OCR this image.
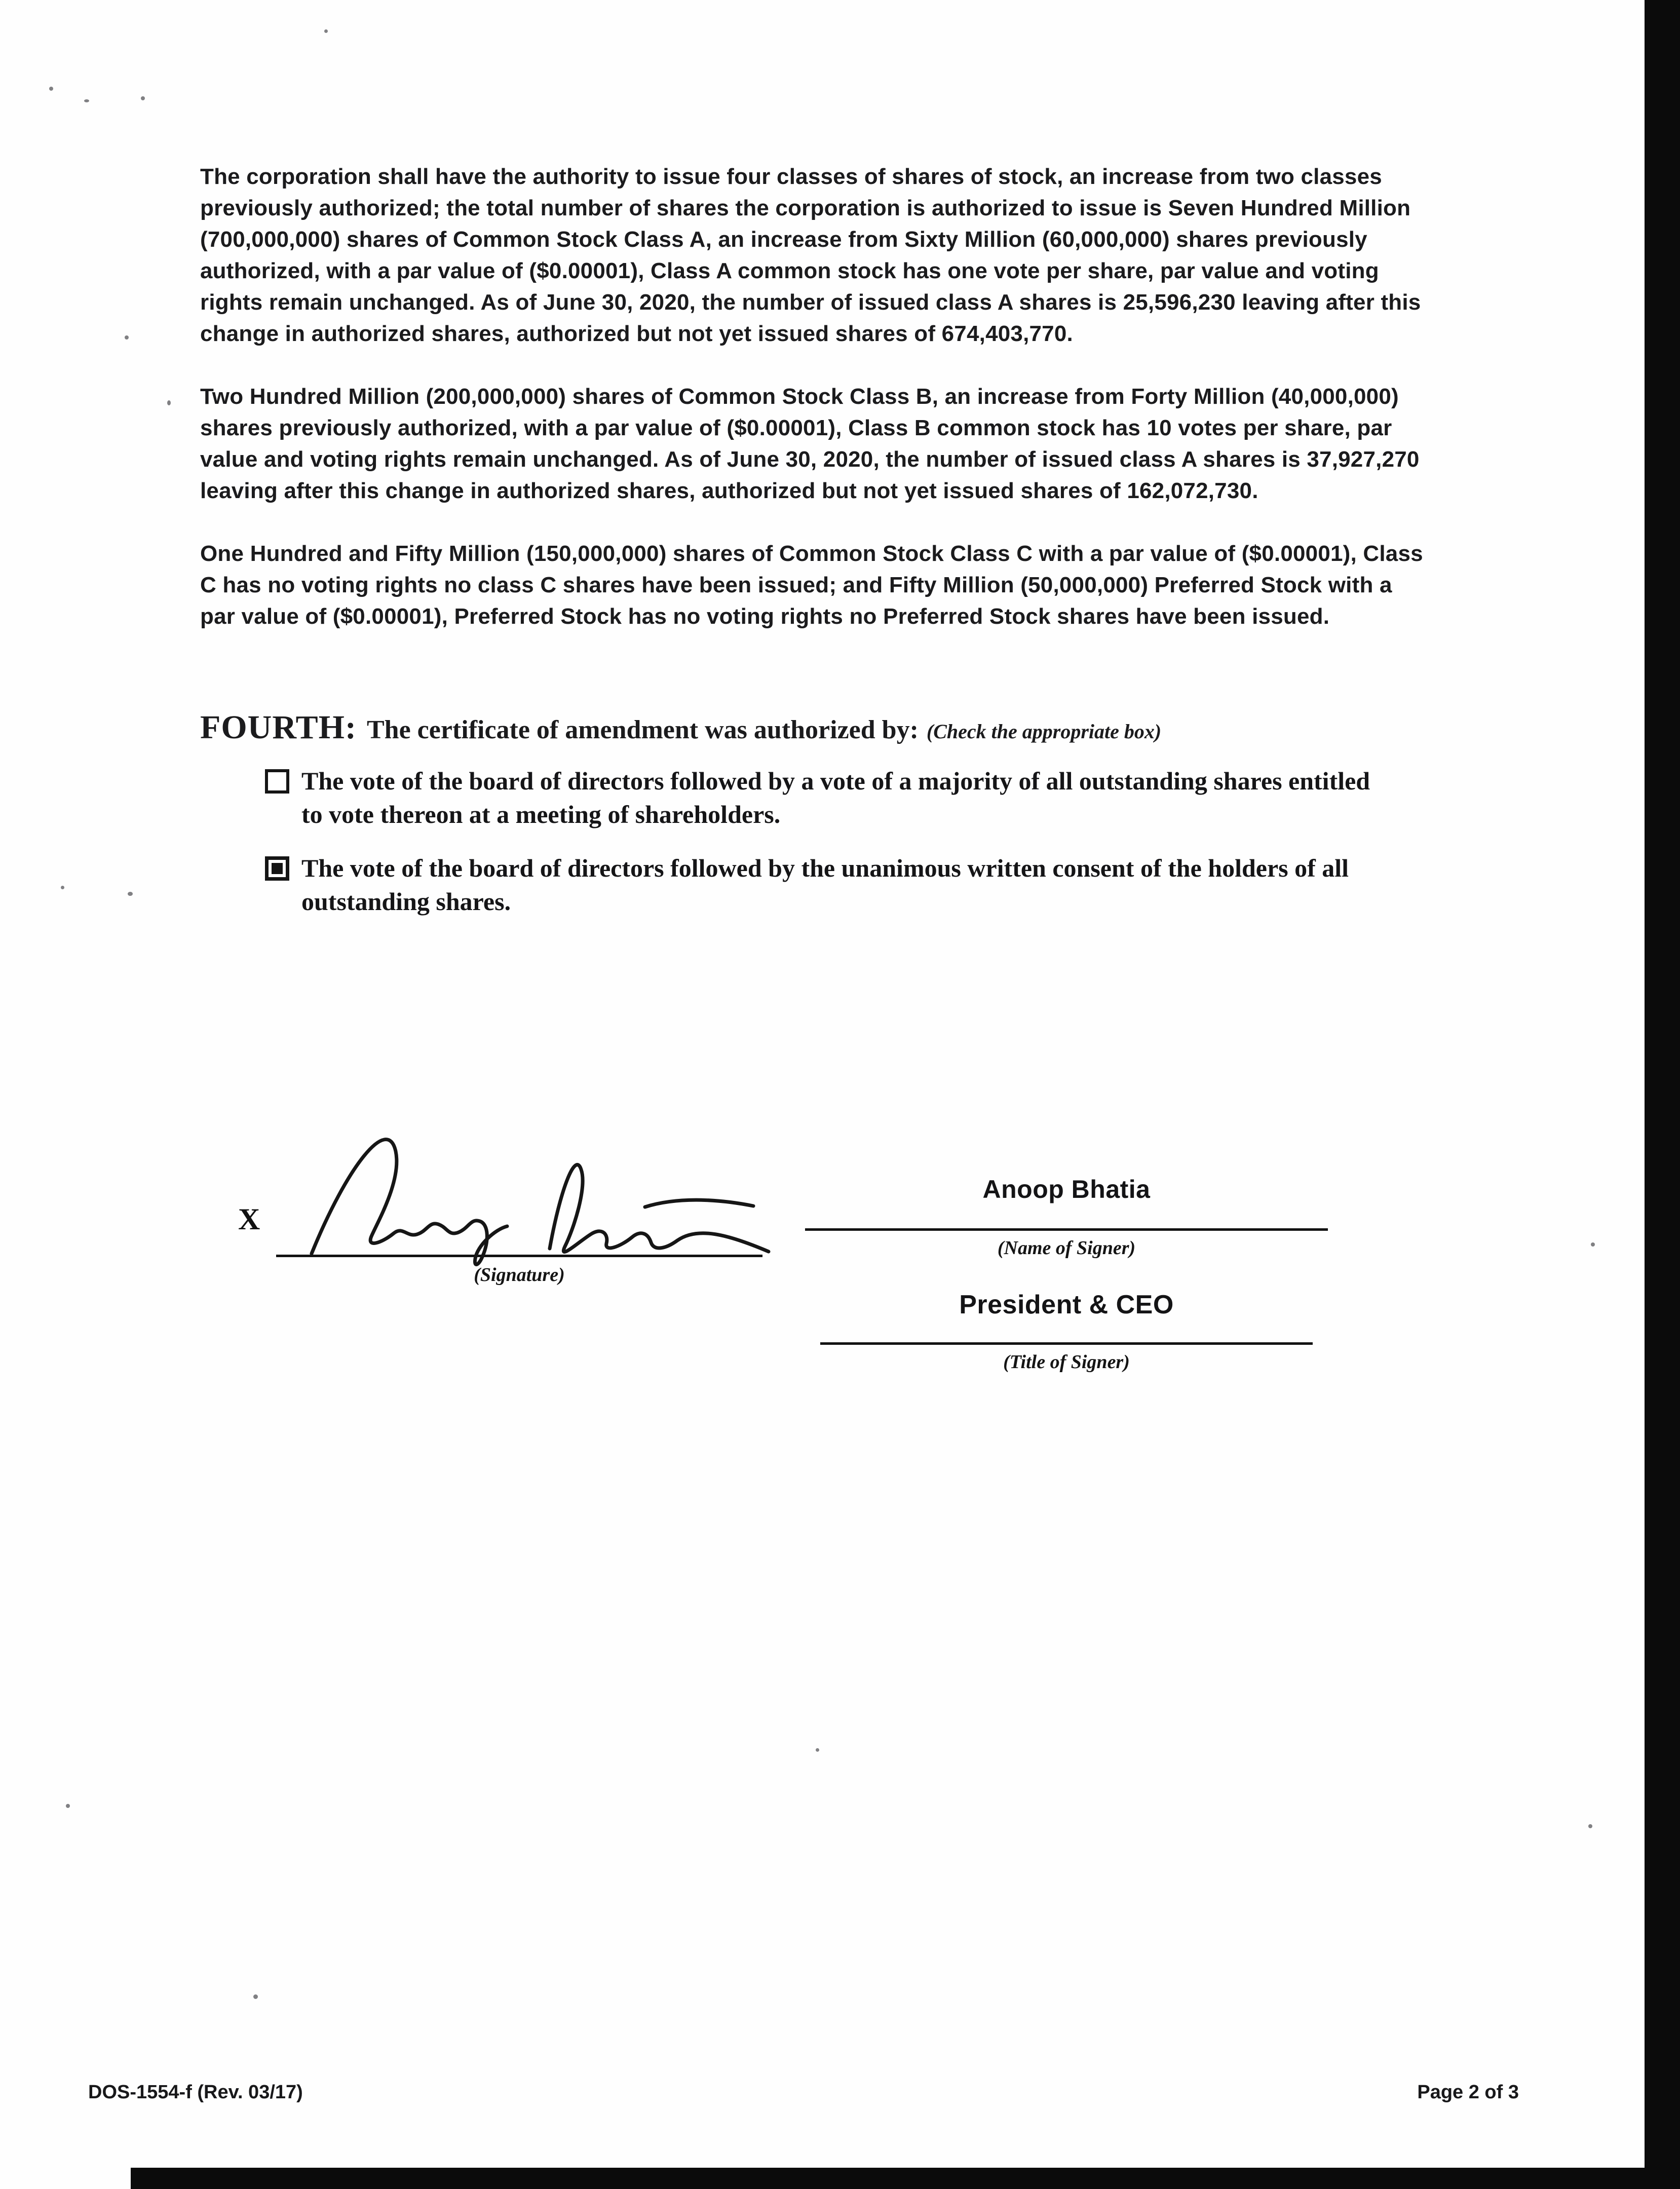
The corporation shall have the authority to issue four classes of shares of stock, an increase from two classes previously authorized; the total number of shares the corporation is authorized to issue is Seven Hundred Million (700,000,000) shares of Common Stock Class A, an increase from Sixty Million (60,000,000) shares previously authorized, with a par value of ($0.00001), Class A common stock has one vote per share, par value and voting rights remain unchanged. As of June 30, 2020, the number of issued class A shares is 25,596,230 leaving after this change in authorized shares, authorized but not yet issued shares of 674,403,770.

Two Hundred Million (200,000,000) shares of Common Stock Class B, an increase from Forty Million (40,000,000) shares previously authorized, with a par value of ($0.00001), Class B common stock has 10 votes per share, par value and voting rights remain unchanged. As of June 30, 2020, the number of issued class A shares is 37,927,270 leaving after this change in authorized shares, authorized but not yet issued shares of 162,072,730.

One Hundred and Fifty Million (150,000,000) shares of Common Stock Class C with a par value of ($0.00001), Class C has no voting rights no class C shares have been issued; and Fifty Million (50,000,000) Preferred Stock with a par value of ($0.00001), Preferred Stock has no voting rights no Preferred Stock shares have been issued.

FOURTH: The certificate of amendment was authorized by: (Check the appropriate box)
The vote of the board of directors followed by a vote of a majority of all outstanding shares entitled to vote thereon at a meeting of shareholders.
The vote of the board of directors followed by the unanimous written consent of the holders of all outstanding shares.
X
(Signature)
Anoop Bhatia
(Name of Signer)
President & CEO
(Title of Signer)
DOS-1554-f (Rev. 03/17)	Page 2 of 3
